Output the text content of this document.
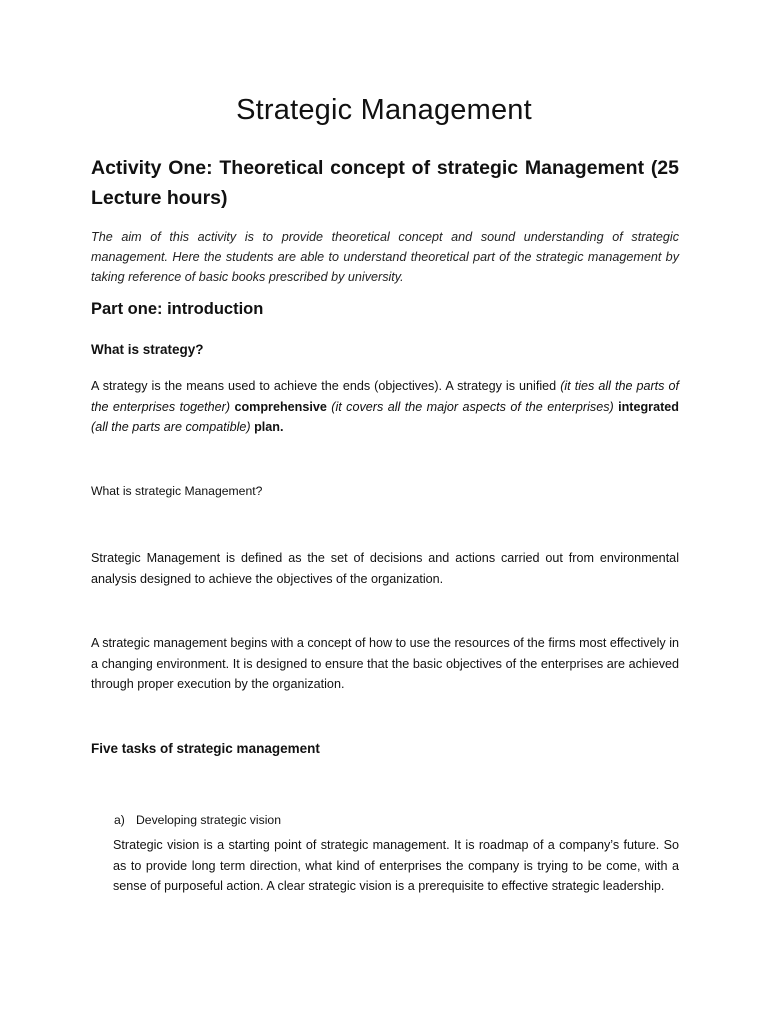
Strategic Management
Activity One: Theoretical concept of strategic Management (25
Lecture hours)

The aim of this activity is to provide theoretical concept and sound understanding of strategic management. Here the students are able to understand theoretical part of the strategic management by taking reference of basic books prescribed by university.

Part one: introduction
What is strategy?

A strategy is the means used to achieve the ends (objectives). A strategy is unified (it ties all the parts of the enterprises together) comprehensive (it covers all the major aspects of the enterprises) integrated (all the parts are compatible) plan.

What is strategic Management?

Strategic Management is defined as the set of decisions and actions carried out from environmental analysis designed to achieve the objectives of the organization.

A strategic management begins with a concept of how to use the resources of the firms most effectively in a changing environment. It is designed to ensure that the basic objectives of the enterprises are achieved through proper execution by the organization.

Five tasks of strategic management

a) Developing strategic vision

Strategic vision is a starting point of strategic management. It is roadmap of a company’s future. So as to provide long term direction, what kind of enterprises the company is trying to be come, with a sense of purposeful action. A clear strategic vision is a prerequisite to effective strategic leadership.
